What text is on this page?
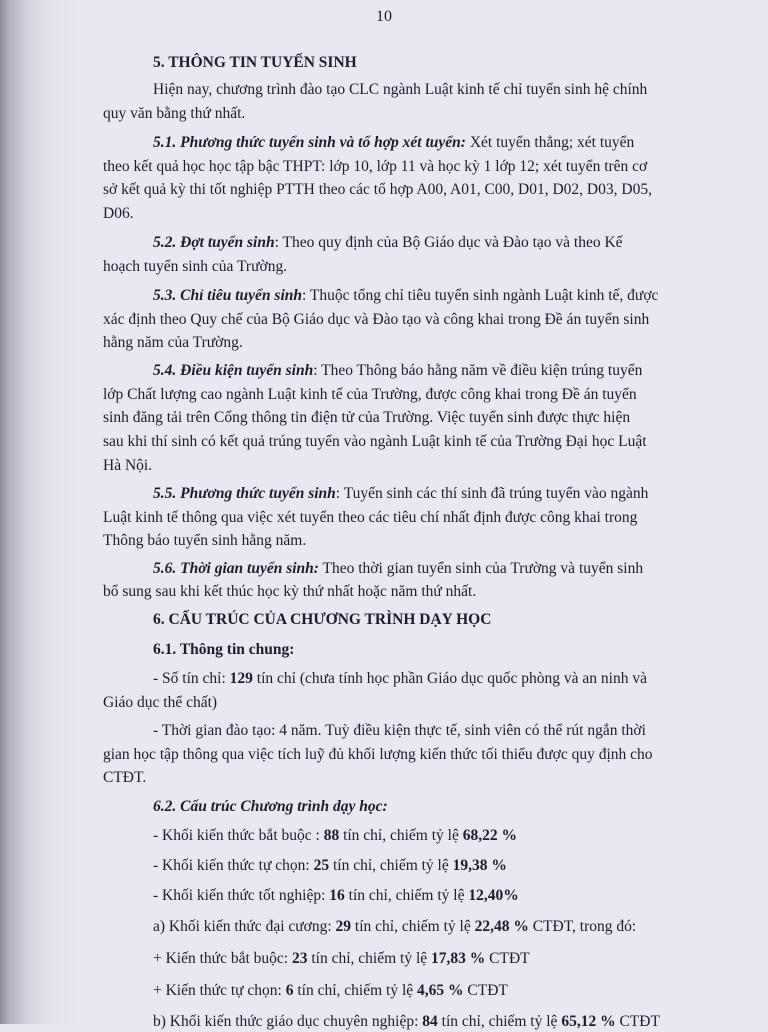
10
5. THÔNG TIN TUYỂN SINH
Hiện nay, chương trình đào tạo CLC ngành Luật kinh tế chỉ tuyển sinh hệ chính
quy văn bằng thứ nhất.
5.1. Phương thức tuyển sinh và tổ hợp xét tuyển: Xét tuyển thẳng; xét tuyển
theo kết quả học học tập bậc THPT: lớp 10, lớp 11 và học kỳ 1 lớp 12; xét tuyển trên cơ
sở kết quả kỳ thi tốt nghiệp PTTH theo các tổ hợp A00, A01, C00, D01, D02, D03, D05,
D06.
5.2. Đợt tuyển sinh: Theo quy định của Bộ Giáo dục và Đào tạo và theo Kế
hoạch tuyển sinh của Trường.
5.3. Chỉ tiêu tuyển sinh: Thuộc tổng chỉ tiêu tuyển sinh ngành Luật kinh tế, được
xác định theo Quy chế của Bộ Giáo dục và Đào tạo và công khai trong Đề án tuyển sinh
hằng năm của Trường.
5.4. Điều kiện tuyển sinh: Theo Thông báo hằng năm về điều kiện trúng tuyển
lớp Chất lượng cao ngành Luật kinh tế của Trường, được công khai trong Đề án tuyển
sinh đăng tải trên Cổng thông tin điện tử của Trường. Việc tuyển sinh được thực hiện
sau khi thí sinh có kết quả trúng tuyển vào ngành Luật kinh tế của Trường Đại học Luật
Hà Nội.
5.5. Phương thức tuyển sinh: Tuyển sinh các thí sinh đã trúng tuyển vào ngành
Luật kinh tế thông qua việc xét tuyển theo các tiêu chí nhất định được công khai trong
Thông báo tuyển sinh hằng năm.
5.6. Thời gian tuyển sinh: Theo thời gian tuyển sinh của Trường và tuyển sinh
bổ sung sau khi kết thúc học kỳ thứ nhất hoặc năm thứ nhất.
6. CẤU TRÚC CỦA CHƯƠNG TRÌNH DẠY HỌC
6.1. Thông tin chung:
- Số tín chỉ: 129 tín chỉ (chưa tính học phần Giáo dục quốc phòng và an ninh và
Giáo dục thể chất)
- Thời gian đào tạo: 4 năm. Tuỳ điều kiện thực tế, sinh viên có thể rút ngắn thời
gian học tập thông qua việc tích luỹ đủ khối lượng kiến thức tối thiểu được quy định cho
CTĐT.
6.2. Cấu trúc Chương trình dạy học:
- Khối kiến thức bắt buộc : 88 tín chỉ, chiếm tỷ lệ 68,22 %
- Khối kiến thức tự chọn: 25 tín chỉ, chiếm tỷ lệ 19,38 %
- Khối kiến thức tốt nghiệp: 16 tín chỉ, chiếm tỷ lệ 12,40%
a) Khối kiến thức đại cương: 29 tín chỉ, chiếm tỷ lệ 22,48 % CTĐT, trong đó:
+ Kiến thức bắt buộc: 23 tín chỉ, chiếm tỷ lệ 17,83 % CTĐT
+ Kiến thức tự chọn: 6 tín chỉ, chiếm tỷ lệ 4,65 % CTĐT
b) Khối kiến thức giáo dục chuyên nghiệp: 84 tín chỉ, chiếm tỷ lệ 65,12 % CTĐT
